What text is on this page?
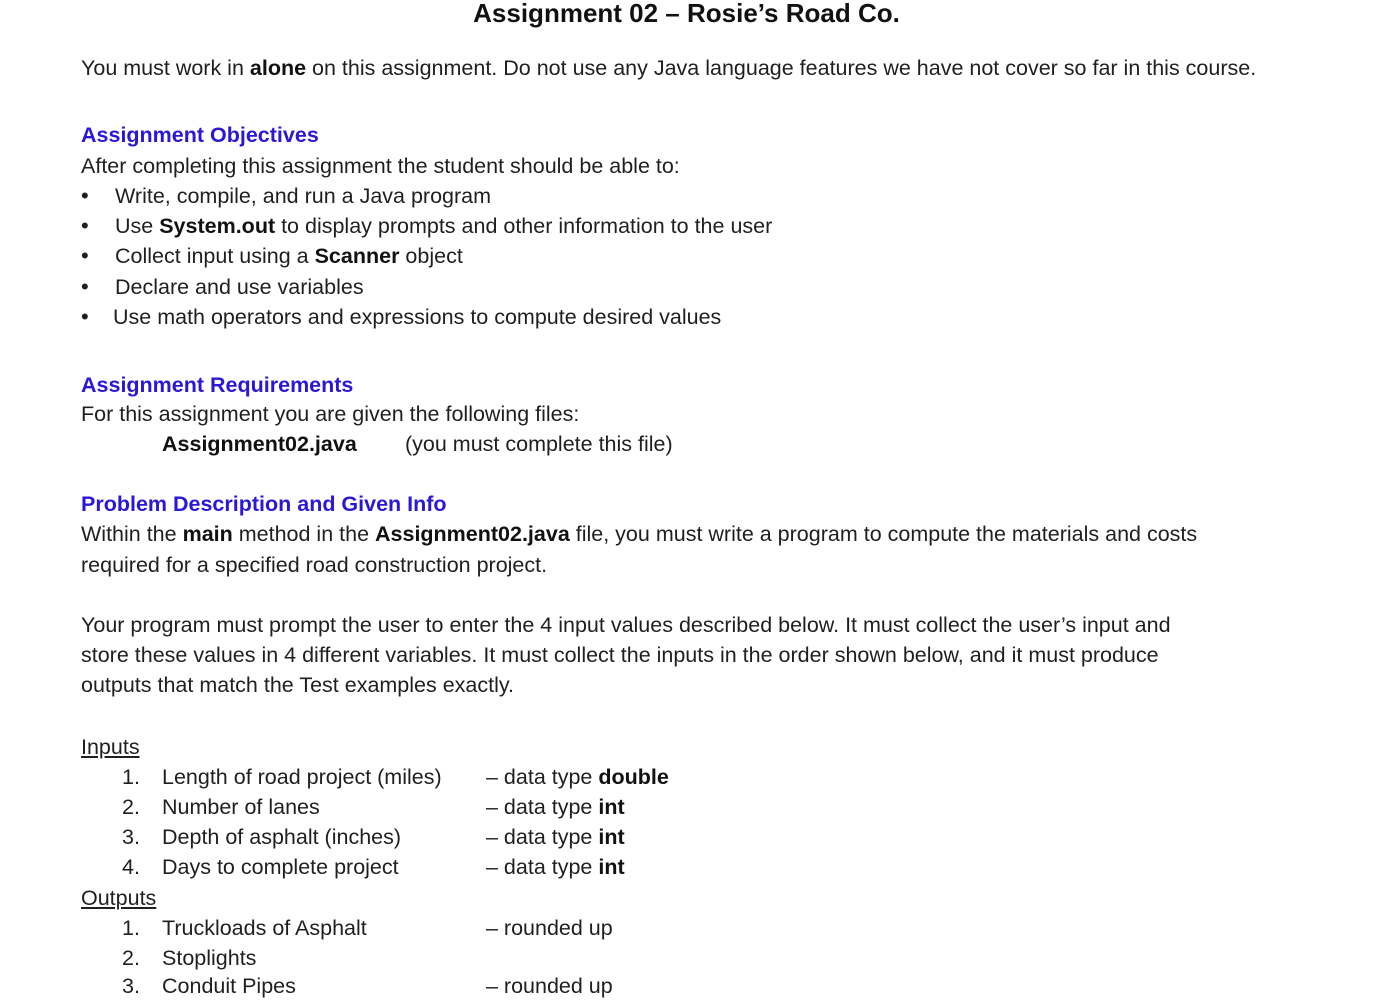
Assignment 02 – Rosie’s Road Co.
You must work in alone on this assignment. Do not use any Java language features we have not cover so far in this course.
Assignment Objectives
After completing this assignment the student should be able to:
• Write, compile, and run a Java program
• Use System.out to display prompts and other information to the user
• Collect input using a Scanner object
• Declare and use variables
• Use math operators and expressions to compute desired values
Assignment Requirements
For this assignment you are given the following files:
Assignment02.java (you must complete this file)
Problem Description and Given Info
Within the main method in the Assignment02.java file, you must write a program to compute the materials and costs
required for a specified road construction project.
Your program must prompt the user to enter the 4 input values described below. It must collect the user’s input and
store these values in 4 different variables. It must collect the inputs in the order shown below, and it must produce
outputs that match the Test examples exactly.
Inputs
1. Length of road project (miles) – data type double
2. Number of lanes	– data type int
3. Depth of asphalt (inches)	– data type int
4. Days to complete project	– data type int
Outputs
1. Truckloads of Asphalt	– rounded up
2. Stoplights
3. Conduit Pipes	– rounded up
